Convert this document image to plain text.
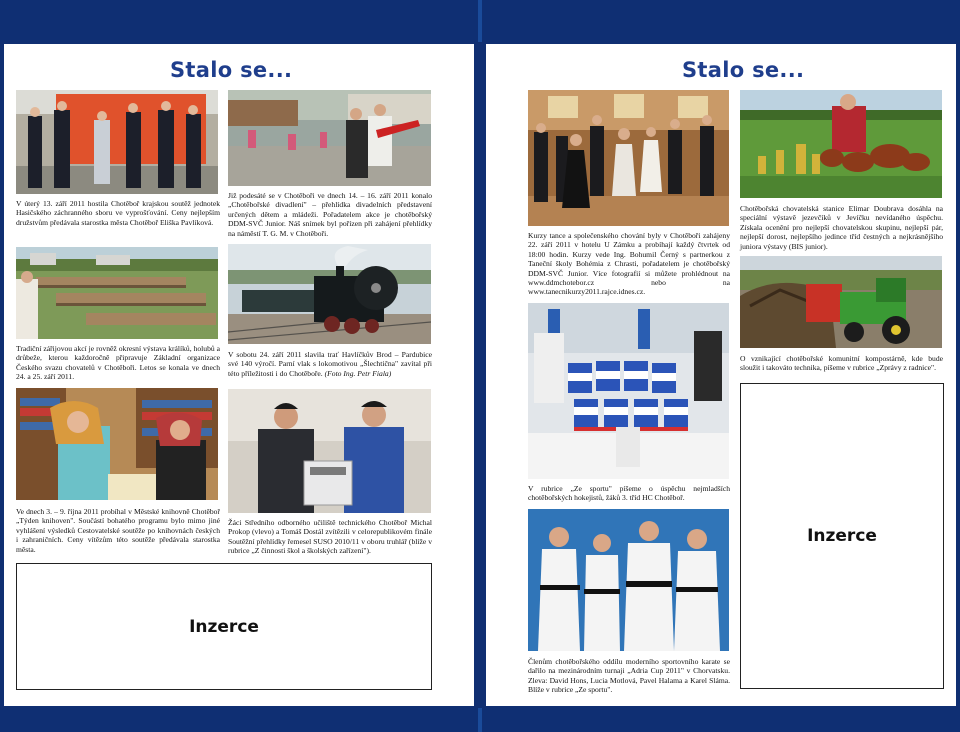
Stalo se...
V úterý 13. září 2011 hostila Chotěboř krajskou soutěž jednotek Hasičského záchranného sboru ve vyprošťování. Ceny nejlepším družstvům předávala starostka města Chotěboř Eliška Pavlíková.
Již podesáté se v Chotěboři ve dnech 14. – 16. září 2011 konalo „Chotěbořské divadlení" – přehlídka divadelních představení určených dětem a mládeži. Pořadatelem akce je chotěbořský DDM-SVČ Junior. Náš snímek byl pořízen při zahájení přehlídky na náměstí T. G. M. v Chotěboři.
Tradiční zářijovou akcí je rovněž okresní výstava králíků, holubů a drůbeže, kterou každoročně připravuje Základní organizace Českého svazu chovatelů v Chotěboři. Letos se konala ve dnech 24. a 25. září 2011.
V sobotu 24. září 2011 slavila trať Havlíčkův Brod – Pardubice své 140 výročí. Parní vlak s lokomotivou „Šlechtična" zavítal při této příležitosti i do Chotěboře. (Foto Ing. Petr Fiala)
Ve dnech 3. – 9. října 2011 probíhal v Městské knihovně Chotěboř „Týden knihoven". Součástí bohatého programu bylo mimo jiné vyhlášení výsledků Cestovatelské soutěže po knihovnách českých i zahraničních. Ceny vítězům této soutěže předávala starostka města.
Žáci Středního odborného učiliště technického Chotěboř Michal Prokop (vlevo) a Tomáš Dostál zvítězili v celorepublikovém finále Soutěžní přehlídky řemesel SUSO 2010/11 v oboru truhlář (blíže v rubrice „Z činnosti škol a školských zařízení").
Inzerce
Stalo se...
Kurzy tance a společenského chování byly v Chotěboři zahájeny 22. září 2011 v hotelu U Zámku a probíhají každý čtvrtek od 18:00 hodin. Kurzy vede Ing. Bohumil Černý s partnerkou z Taneční školy Bohémia z Chrasti, pořadatelem je chotěbořský DDM-SVČ Junior. Více fotografií si můžete prohlédnout na www.ddmchotebor.cz nebo na www.tanecnikurzy2011.rajce.idnes.cz.
Chotěbořská chovatelská stanice Elimar Doubrava dosáhla na speciální výstavě jezevčíků v Jevíčku nevídaného úspěchu. Získala ocenění pro nejlepší chovatelskou skupinu, nejlepší pár, nejlepší dorost, nejlepšího jedince tříd čestných a nejkrásnějšího juniora výstavy (BIS junior).
O vznikající chotěbořské komunitní kompostárně, kde bude sloužit i takováto technika, píšeme v rubrice „Zprávy z radnice".
Inzerce
V rubrice „Ze sportu" píšeme o úspěchu nejmladších chotěbořských hokejistů, žáků 3. tříd HC Chotěboř.
Členům chotěbořského oddílu moderního sportovního karate se dařilo na mezinárodním turnaji „Adria Cup 2011" v Chorvatsku. Zleva: David Hons, Lucia Motlová, Pavel Halama a Karel Sláma. Blíže v rubrice „Ze sportu".
